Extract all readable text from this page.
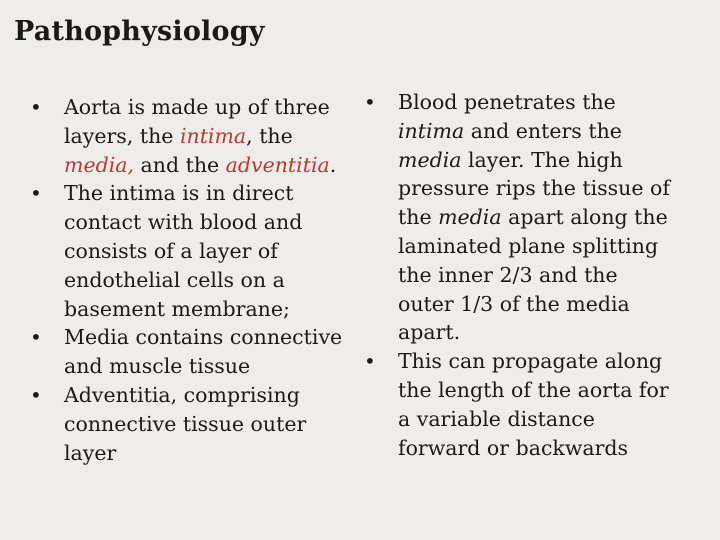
Pathophysiology
• Aorta is made up of three layers, the intima, the media, and the adventitia.
• The intima is in direct contact with blood and consists of a layer of endothelial cells on a basement membrane;
• Media contains connective and muscle tissue
• Adventitia, comprising connective tissue outer layer
• Blood penetrates the intima and enters the media layer. The high pressure rips the tissue of the media apart along the laminated plane splitting the inner 2/3 and the outer 1/3 of the media apart.
• This can propagate along the length of the aorta for a variable distance forward or backwards
